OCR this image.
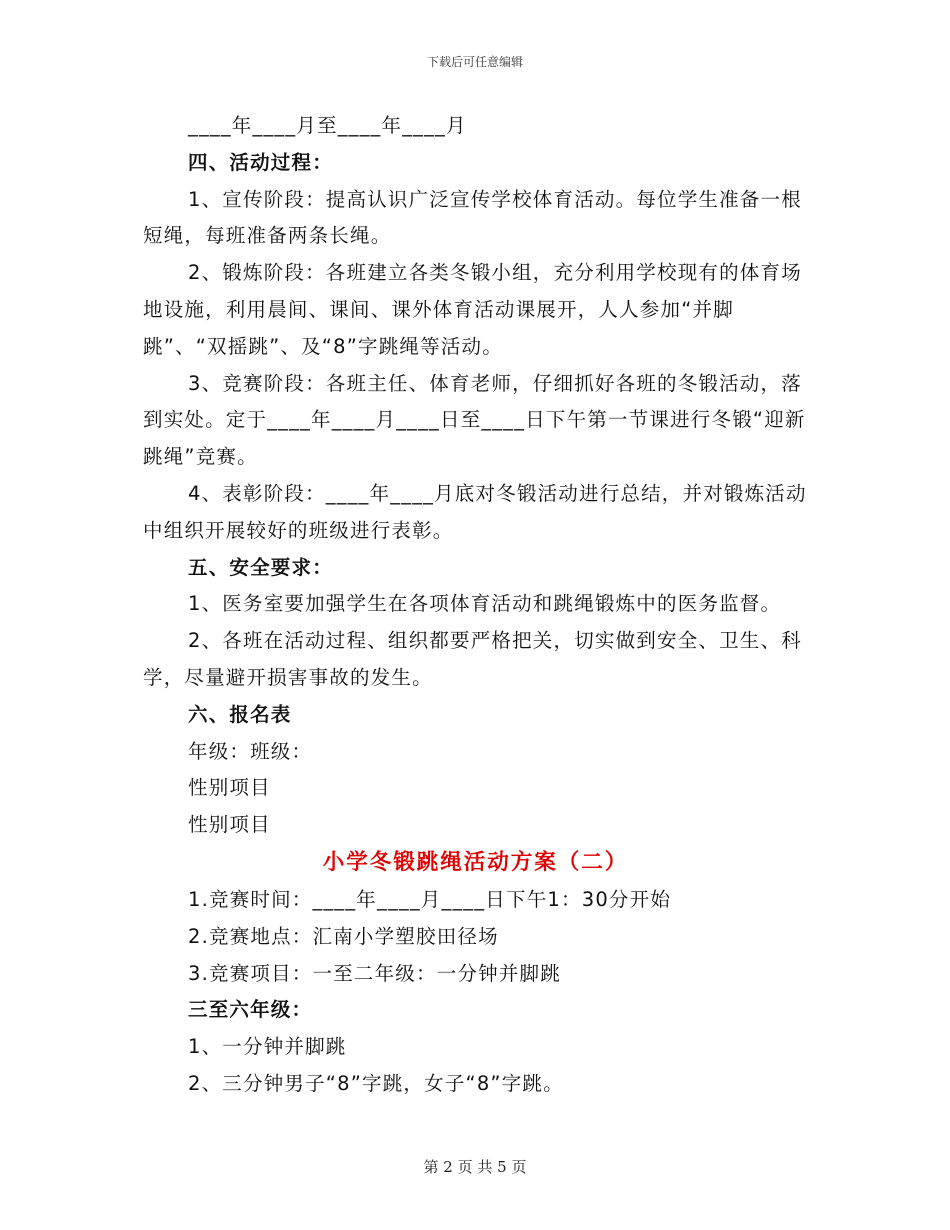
下载后可任意编辑

____年____月至____年____月

四、活动过程：

1、宣传阶段：提高认识广泛宣传学校体育活动。每位学生准备一根短绳，每班准备两条长绳。

2、锻炼阶段：各班建立各类冬锻小组，充分利用学校现有的体育场地设施，利用晨间、课间、课外体育活动课展开，人人参加“并脚跳”、“双摇跳”、及“8”字跳绳等活动。

3、竞赛阶段：各班主任、体育老师，仔细抓好各班的冬锻活动，落到实处。定于____年____月____日至____日下午第一节课进行冬锻“迎新跳绳”竞赛。

4、表彰阶段：____年____月底对冬锻活动进行总结，并对锻炼活动中组织开展较好的班级进行表彰。

五、安全要求：

1、医务室要加强学生在各项体育活动和跳绳锻炼中的医务监督。

2、各班在活动过程、组织都要严格把关，切实做到安全、卫生、科学，尽量避开损害事故的发生。

六、报名表

年级：班级：

性别项目

性别项目

小学冬锻跳绳活动方案（二）

1.竞赛时间：____年____月____日下午1：30分开始

2.竞赛地点：汇南小学塑胶田径场

3.竞赛项目：一至二年级：一分钟并脚跳

三至六年级：

1、一分钟并脚跳

2、三分钟男子“8”字跳，女子“8”字跳。

第 2 页 共 5 页
